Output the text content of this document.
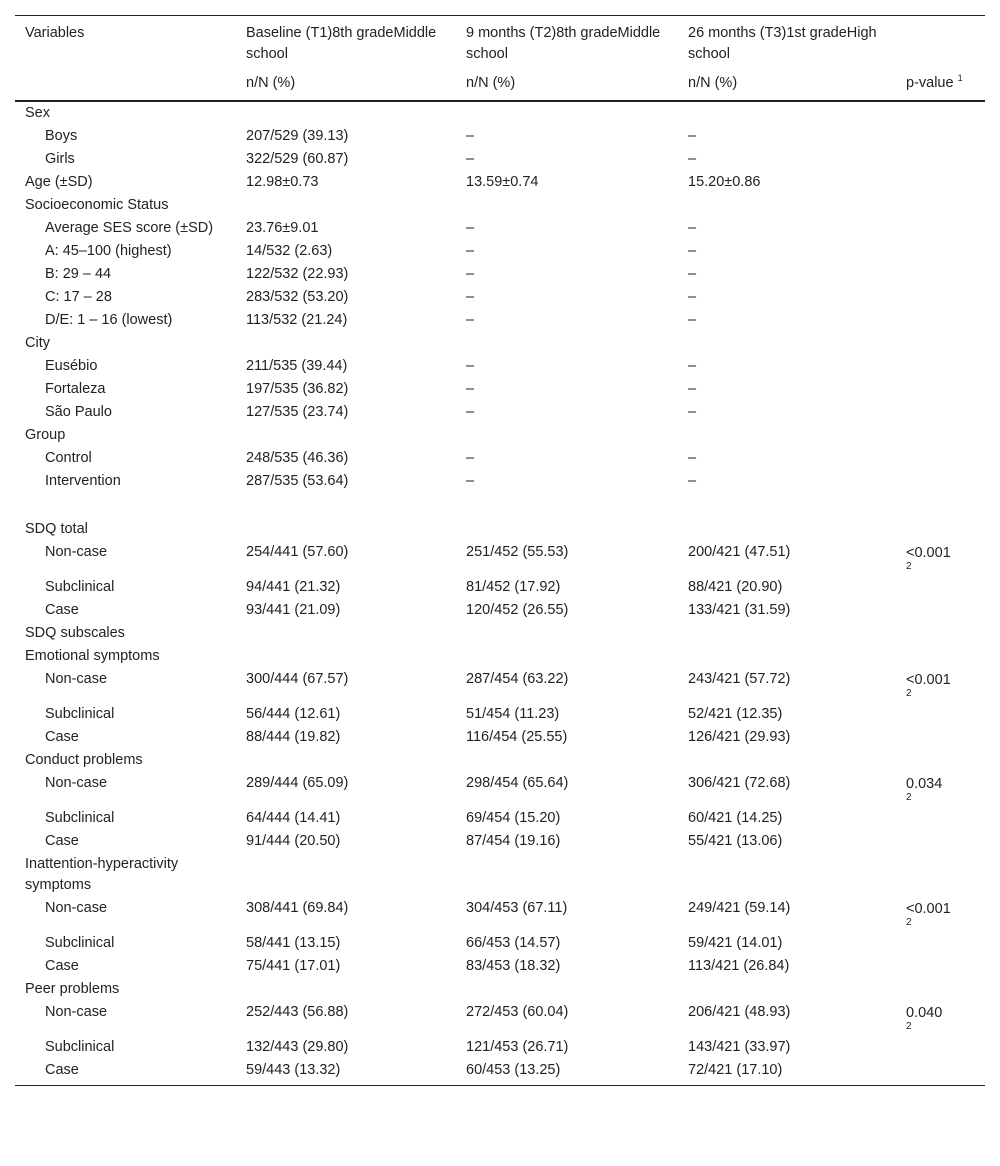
Variables	Baseline (T1)8th gradeMiddle school	9 months (T2)8th gradeMiddle school	26 months (T3)1st gradeHigh school	
	n/N (%)	n/N (%)	n/N (%)	p-value $^1$
Sex				

Boys	207/529 (39.13)	–	–	

Girls	322/529 (60.87)	–	–	

Age (±SD)	12.98±0.73	13.59±0.74	15.20±0.86	

Socioeconomic Status				

Average SES score (±SD)	23.76±9.01	–	–	

A: 45–100 (highest)	14/532 (2.63)	–	–	

B: 29 – 44	122/532 (22.93)	–	–	

C: 17 – 28	283/532 (53.20)	–	–	

D/E: 1 – 16 (lowest)	113/532 (21.24)	–	–	

City				

Eusébio	211/535 (39.44)	–	–	

Fortaleza	197/535 (36.82)	–	–	

São Paulo	127/535 (23.74)	–	–	

Group				

Control	248/535 (46.36)	–	–	

Intervention	287/535 (53.64)	–	–	

SDQ total				

Non-case	254/441 (57.60)	251/452 (55.53)	200/421 (47.51)	<0.001
2

Subclinical	94/441 (21.32)	81/452 (17.92)	88/421 (20.90)	

Case	93/441 (21.09)	120/452 (26.55)	133/421 (31.59)	

SDQ subscales				

Emotional symptoms				

Non-case	300/444 (67.57)	287/454 (63.22)	243/421 (57.72)	<0.001
2

Subclinical	56/444 (12.61)	51/454 (11.23)	52/421 (12.35)	

Case	88/444 (19.82)	116/454 (25.55)	126/421 (29.93)	

Conduct problems				

Non-case	289/444 (65.09)	298/454 (65.64)	306/421 (72.68)	0.034
2

Subclinical	64/444 (14.41)	69/454 (15.20)	60/421 (14.25)	

Case	91/444 (20.50)	87/454 (19.16)	55/421 (13.06)	

Inattention-hyperactivity symptoms				

Non-case	308/441 (69.84)	304/453 (67.11)	249/421 (59.14)	<0.001
2

Subclinical	58/441 (13.15)	66/453 (14.57)	59/421 (14.01)	

Case	75/441 (17.01)	83/453 (18.32)	113/421 (26.84)	

Peer problems				

Non-case	252/443 (56.88)	272/453 (60.04)	206/421 (48.93)	0.040
2

Subclinical	132/443 (29.80)	121/453 (26.71)	143/421 (33.97)	

Case	59/443 (13.32)	60/453 (13.25)	72/421 (17.10)	
